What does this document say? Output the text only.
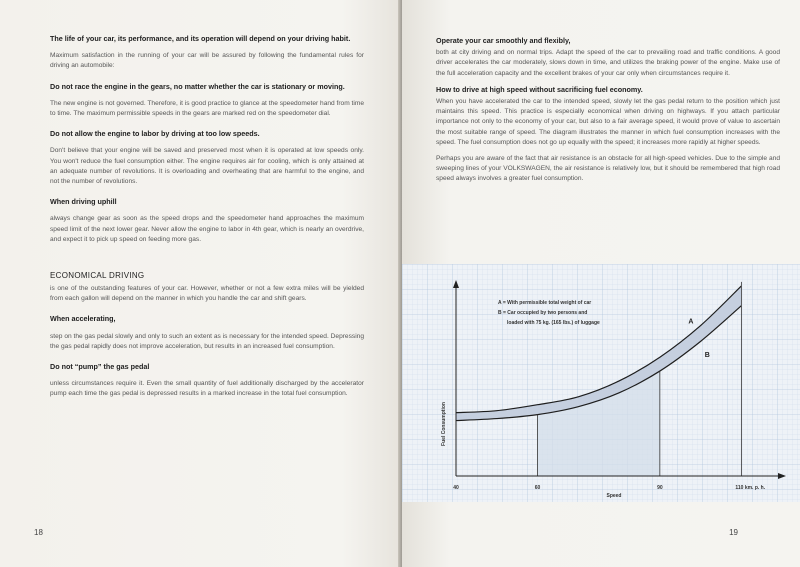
The life of your car, its performance, and its operation will depend on your driving habit.

Maximum satisfaction in the running of your car will be assured by following the fundamental rules for driving an automobile:

Do not race the engine in the gears, no matter whether the car is stationary or moving.

The new engine is not governed. Therefore, it is good practice to glance at the speedometer hand from time to time. The maximum permissible speeds in the gears are marked red on the speedometer dial.

Do not allow the engine to labor by driving at too low speeds.

Don't believe that your engine will be saved and preserved most when it is operated at low speeds only. You won't reduce the fuel consumption either. The engine requires air for cooling, which is only attained at an adequate number of revolutions. It is overloading and overheating that are harmful to the engine, and not the number of revolutions.

When driving uphill

always change gear as soon as the speed drops and the speedometer hand approaches the maximum speed limit of the next lower gear. Never allow the engine to labor in 4th gear, which is nearly an overdrive, and expect it to pick up speed on feeding more gas.

ECONOMICAL DRIVING

is one of the outstanding features of your car. However, whether or not a few extra miles will be yielded from each gallon will depend on the manner in which you handle the car and shift gears.

When accelerating,

step on the gas pedal slowly and only to such an extent as is necessary for the intended speed. Depressing the gas pedal rapidly does not improve acceleration, but results in an increased fuel consumption.

Do not “pump” the gas pedal

unless circumstances require it. Even the small quantity of fuel additionally discharged by the accelerator pump each time the gas pedal is depressed results in a marked increase in the total fuel consumption.

18

Operate your car smoothly and flexibly,

both at city driving and on normal trips. Adapt the speed of the car to prevailing road and traffic conditions. A good driver accelerates the car moderately, slows down in time, and utilizes the braking power of the engine. Make use of the full acceleration capacity and the excellent brakes of your car only when circumstances require it.

How to drive at high speed without sacrificing fuel economy.

When you have accelerated the car to the intended speed, slowly let the gas pedal return to the position which just maintains this speed. This practice is especially economical when driving on highways. If you attach particular importance not only to the economy of your car, but also to a fair average speed, it would prove of value to ascertain the most suitable range of speed. The diagram illustrates the manner in which fuel consumption increases with the speed. The fuel consumption does not go up equally with the speed; it increases more rapidly at higher speeds.

Perhaps you are aware of the fact that air resistance is an obstacle for all high-speed vehicles. Due to the simple and sweeping lines of your VOLKSWAGEN, the air resistance is relatively low, but it should be remembered that high road speed always involves a greater fuel consumption.

40	60	90	110 km. p. h.
A
B
Fuel Consumption
Speed
A = With permissible total weight of car
B = Car occupied by two persons and
loaded with 75 kg. (165 lbs.) of luggage
19
